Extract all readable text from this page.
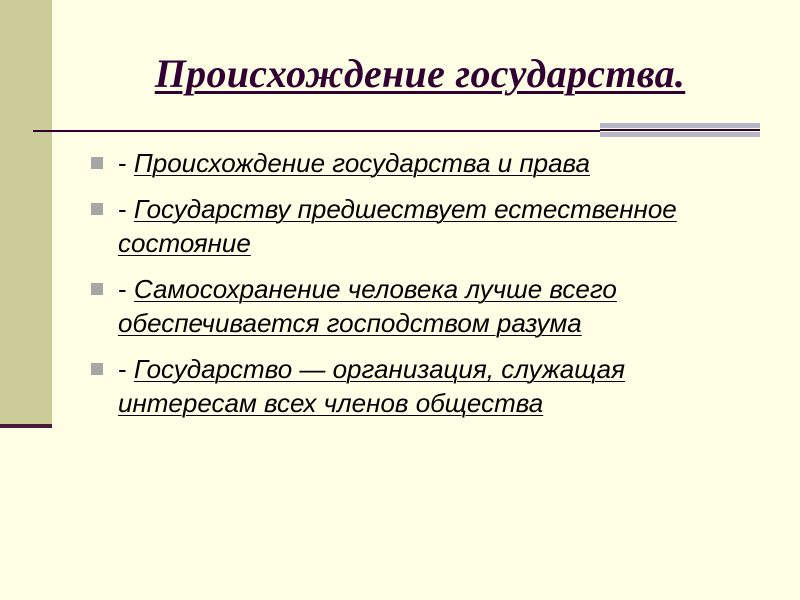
Происхождение государства.
- Происхождение государства и права
- Государству предшествует естественное состояние
- Самосохранение человека лучше всего обеспечивается господством разума
- Государство — организация, служащая интересам всех членов общества
